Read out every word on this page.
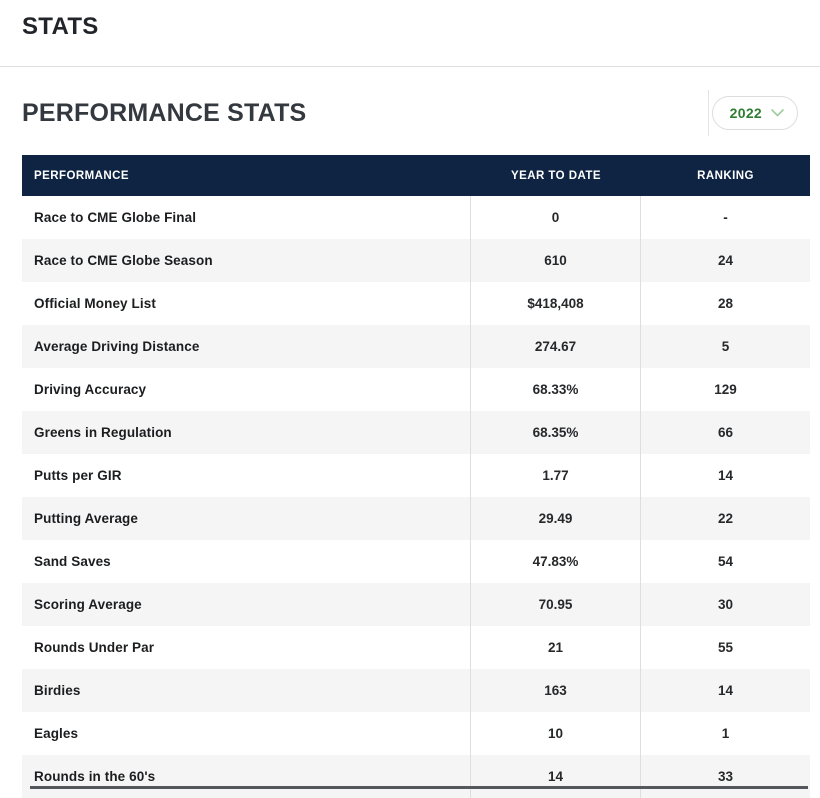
STATS
PERFORMANCE STATS	2022
PERFORMANCE	YEAR TO DATE	RANKING
Race to CME Globe Final	0	-
Race to CME Globe Season	610	24
Official Money List	$418,408	28
Average Driving Distance	274.67	5
Driving Accuracy	68.33%	129
Greens in Regulation	68.35%	66
Putts per GIR	1.77	14
Putting Average	29.49	22
Sand Saves	47.83%	54
Scoring Average	70.95	30
Rounds Under Par	21	55
Birdies	163	14
Eagles	10	1
Rounds in the 60's	14	33
